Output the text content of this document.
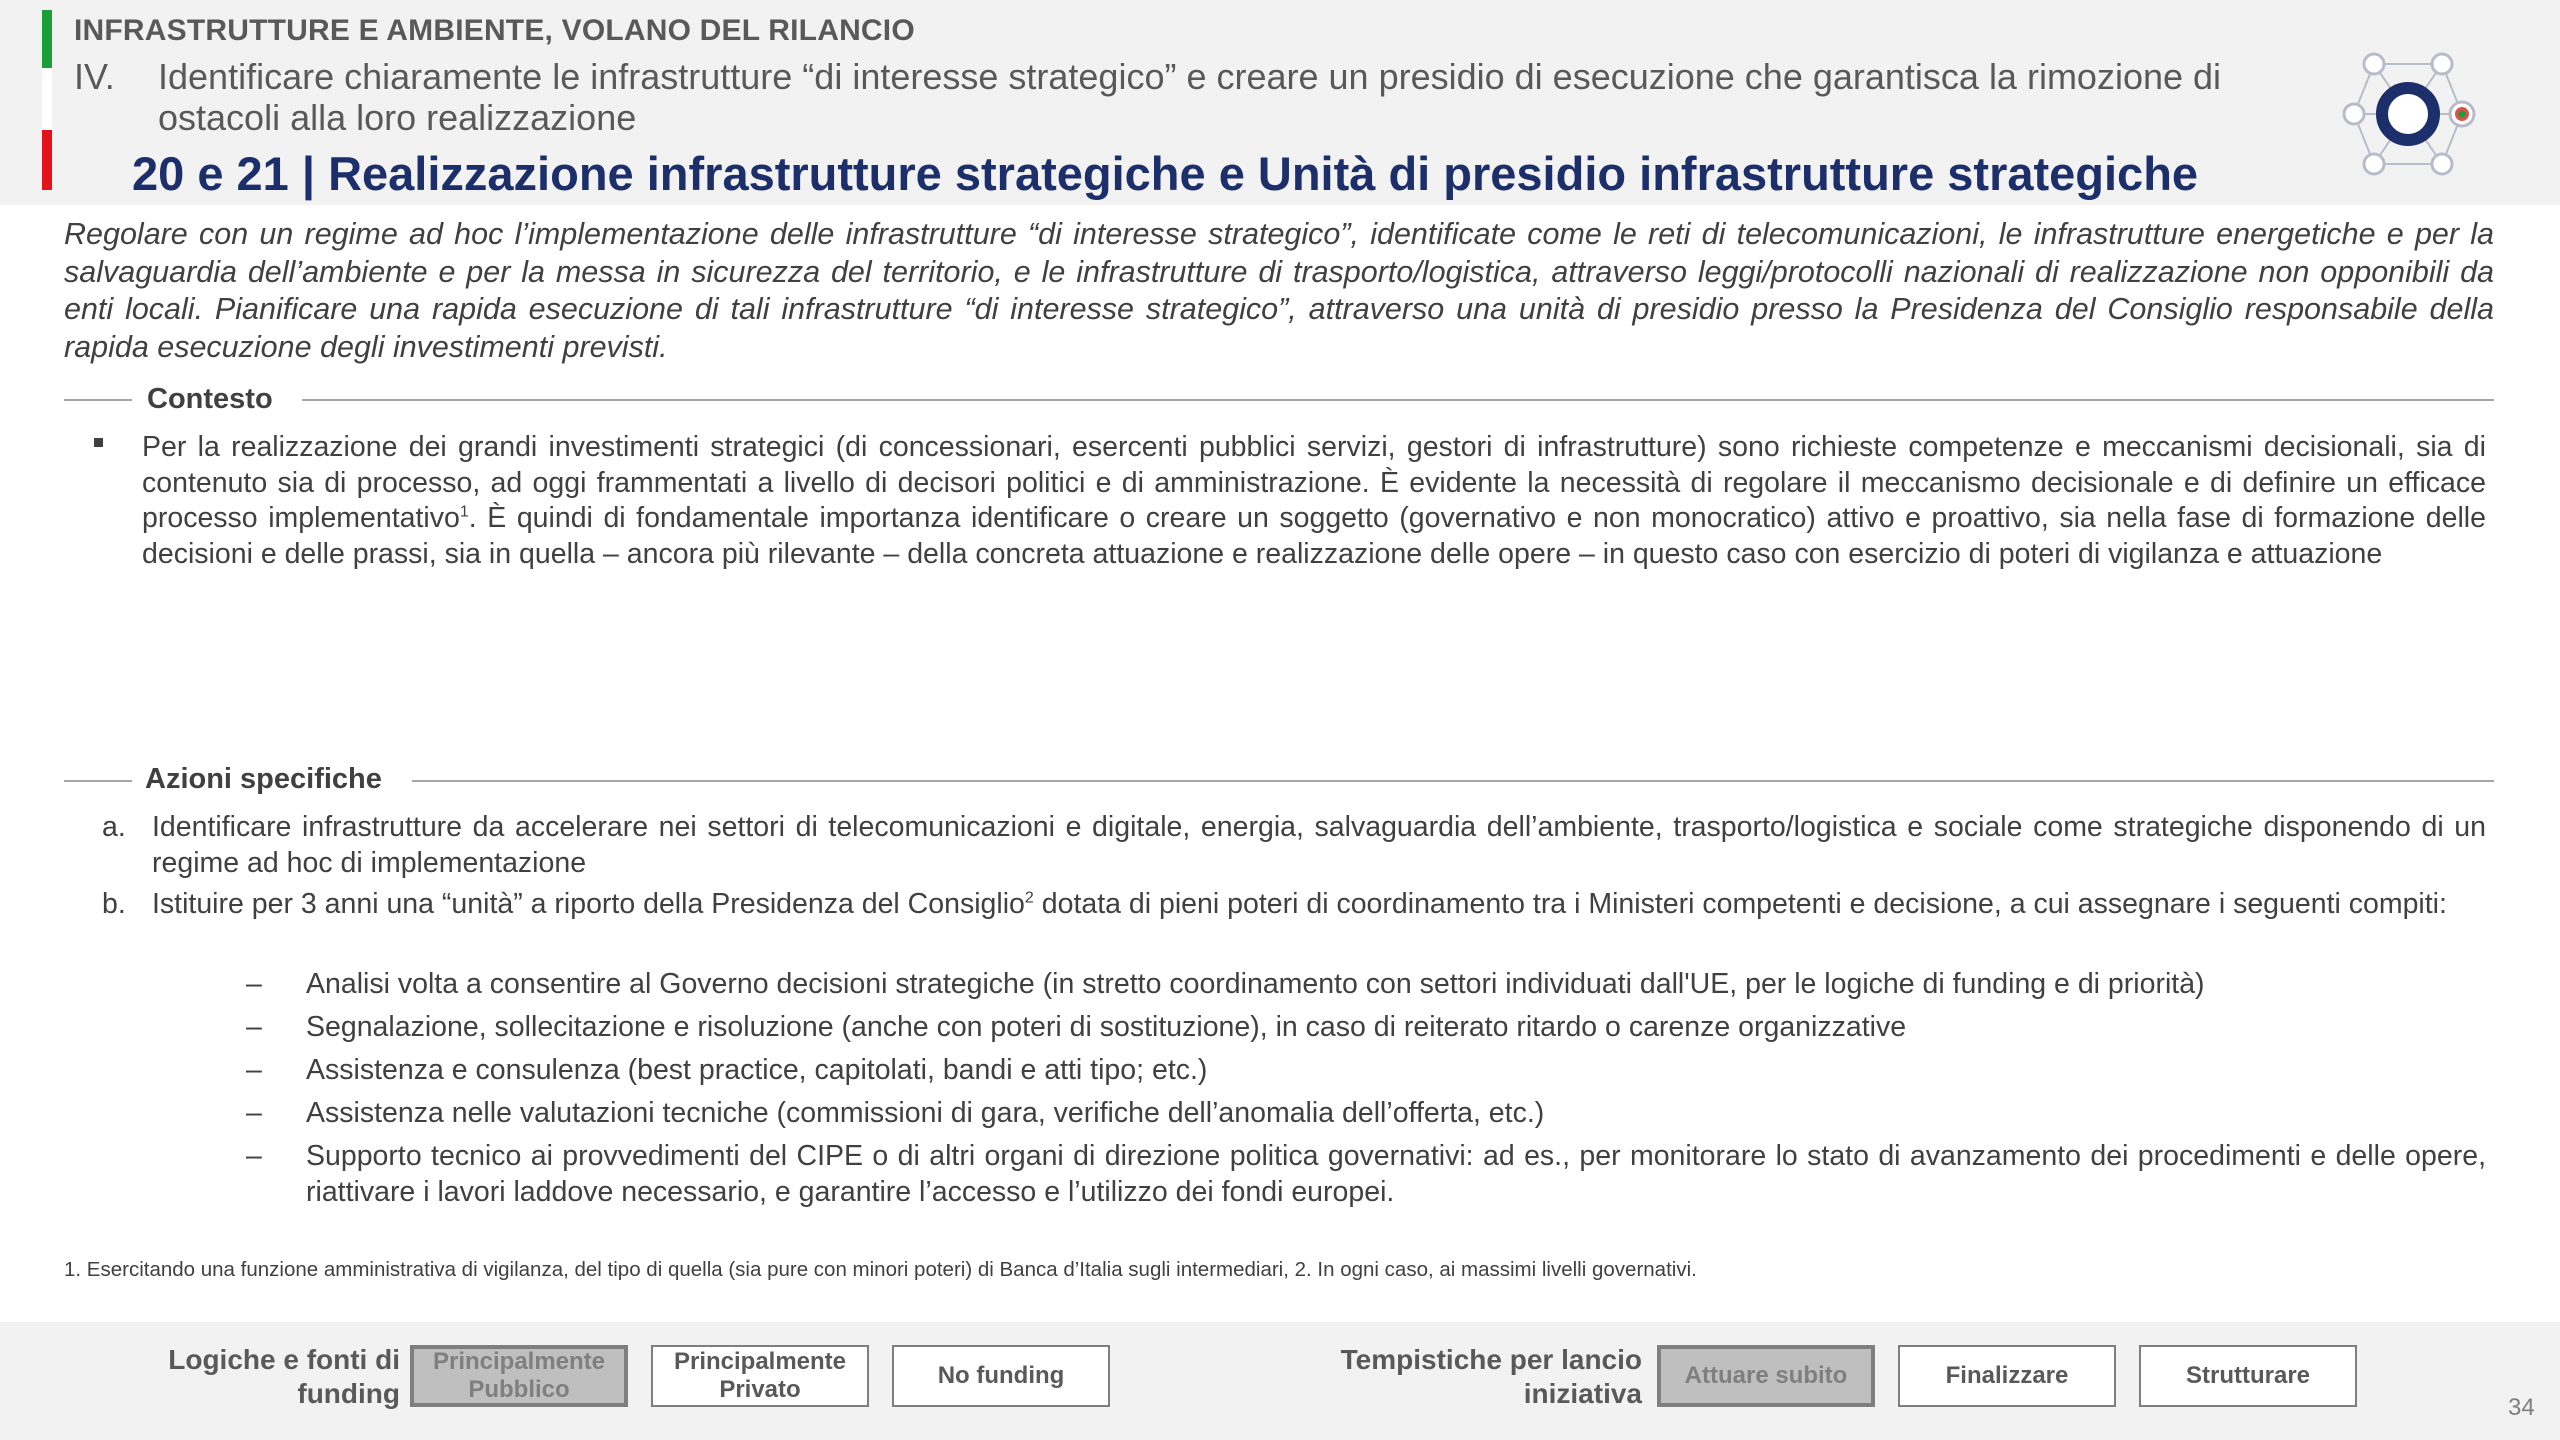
INFRASTRUTTURE E AMBIENTE, VOLANO DEL RILANCIO
IV. Identificare chiaramente le infrastrutture “di interesse strategico” e creare un presidio di esecuzione che garantisca la rimozione di ostacoli alla loro realizzazione
20 e 21 | Realizzazione infrastrutture strategiche e Unità di presidio infrastrutture strategiche
Regolare con un regime ad hoc l’implementazione delle infrastrutture “di interesse strategico”, identificate come le reti di telecomunicazioni, le infrastrutture energetiche e per la salvaguardia dell’ambiente e per la messa in sicurezza del territorio, e le infrastrutture di trasporto/logistica, attraverso leggi/protocolli nazionali di realizzazione non opponibili da enti locali. Pianificare una rapida esecuzione di tali infrastrutture “di interesse strategico”, attraverso una unità di presidio presso la Presidenza del Consiglio responsabile della rapida esecuzione degli investimenti previsti.
Contesto
Per la realizzazione dei grandi investimenti strategici (di concessionari, esercenti pubblici servizi, gestori di infrastrutture) sono richieste competenze e meccanismi decisionali, sia di contenuto sia di processo, ad oggi frammentati a livello di decisori politici e di amministrazione. È evidente la necessità di regolare il meccanismo decisionale e di definire un efficace processo implementativo$^1$. È quindi di fondamentale importanza identificare o creare un soggetto (governativo e non monocratico) attivo e proattivo, sia nella fase di formazione delle decisioni e delle prassi, sia in quella – ancora più rilevante – della concreta attuazione e realizzazione delle opere – in questo caso con esercizio di poteri di vigilanza e attuazione
Azioni specifiche
a. Identificare infrastrutture da accelerare nei settori di telecomunicazioni e digitale, energia, salvaguardia dell’ambiente, trasporto/logistica e sociale come strategiche disponendo di un regime ad hoc di implementazione
b. Istituire per 3 anni una “unità” a riporto della Presidenza del Consiglio$^2$ dotata di pieni poteri di coordinamento tra i Ministeri competenti e decisione, a cui assegnare i seguenti compiti:
– Analisi volta a consentire al Governo decisioni strategiche (in stretto coordinamento con settori individuati dall'UE, per le logiche di funding e di priorità)
– Segnalazione, sollecitazione e risoluzione (anche con poteri di sostituzione), in caso di reiterato ritardo o carenze organizzative
– Assistenza e consulenza (best practice, capitolati, bandi e atti tipo; etc.)
– Assistenza nelle valutazioni tecniche (commissioni di gara, verifiche dell’anomalia dell’offerta, etc.)
– Supporto tecnico ai provvedimenti del CIPE o di altri organi di direzione politica governativi: ad es., per monitorare lo stato di avanzamento dei procedimenti e delle opere, riattivare i lavori laddove necessario, e garantire l’accesso e l’utilizzo dei fondi europei.
1. Esercitando una funzione amministrativa di vigilanza, del tipo di quella (sia pure con minori poteri) di Banca d’Italia sugli intermediari, 2. In ogni caso, ai massimi livelli governativi.
Logiche e fonti di funding
Principalmente Pubblico
Principalmente Privato
No funding
Tempistiche per lancio iniziativa
Attuare subito	Finalizzare	Strutturare
34
